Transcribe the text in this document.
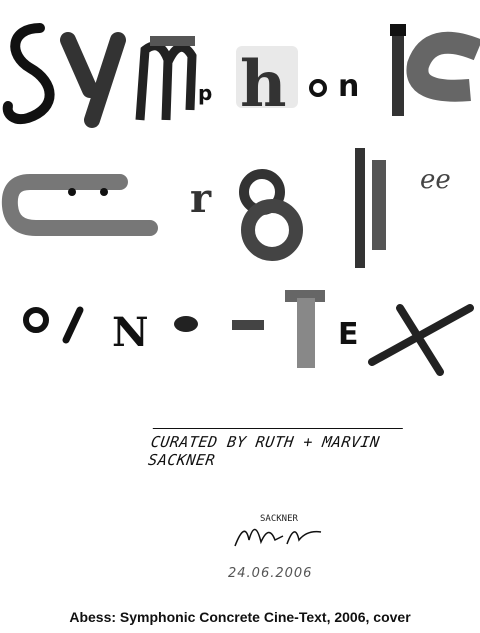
p h n
r	ee
N	E
CURATED BY RUTH + MARVIN SACKNER
SACKNER
24.06.2006
Abess: Symphonic Concrete Cine-Text, 2006, cover
